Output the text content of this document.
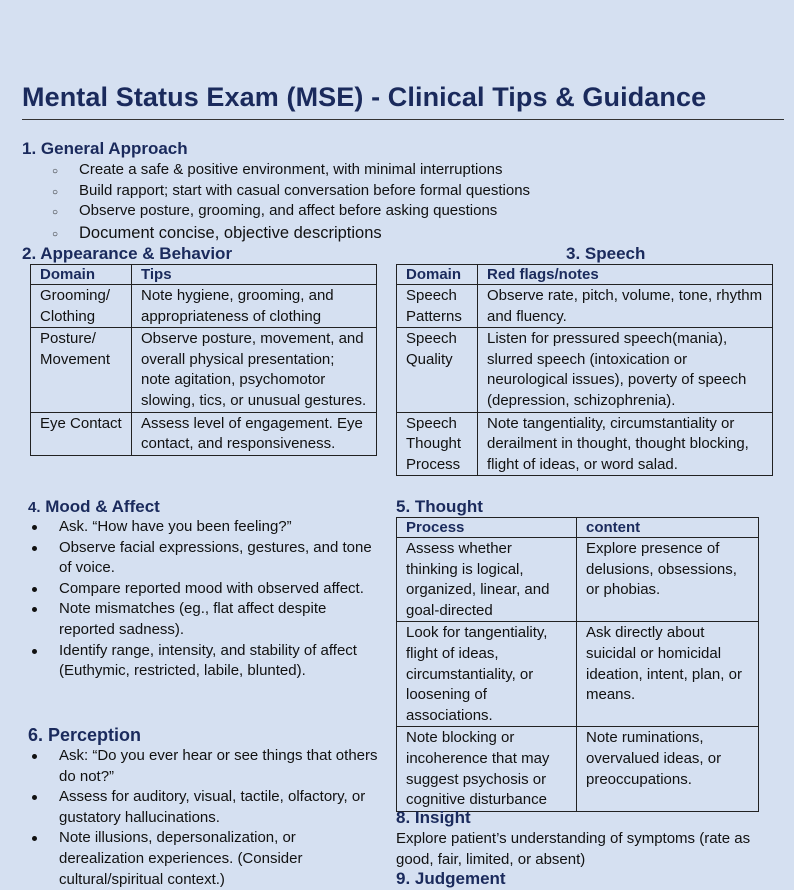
Mental Status Exam (MSE) - Clinical Tips & Guidance
1. General Approach
○ Create a safe & positive environment, with minimal interruptions
○ Build rapport; start with casual conversation before formal questions
○ Observe posture, grooming, and affect before asking questions
○ Document concise, objective descriptions
2. Appearance & Behavior
Domain	Tips
Grooming/ Clothing	Note hygiene, grooming, and appropriateness of clothing
Posture/ Movement	Observe posture, movement, and overall physical presentation; note agitation, psychomotor slowing, tics, or unusual gestures.
Eye Contact	Assess level of engagement. Eye contact, and responsiveness.
3. Speech
Domain	Red flags/notes
Speech Patterns	Observe rate, pitch, volume, tone, rhythm and fluency.
Speech Quality	Listen for pressured speech(mania), slurred speech (intoxication or neurological issues), poverty of speech (depression, schizophrenia).
Speech Thought Process	Note tangentiality, circumstantiality or derailment in thought, thought blocking, flight of ideas, or word salad.
4. Mood & Affect
Ask. “How have you been feeling?”
Observe facial expressions, gestures, and tone of voice.
Compare reported mood with observed affect.
Note mismatches (eg., flat affect despite reported sadness).
Identify range, intensity, and stability of affect (Euthymic, restricted, labile, blunted).
5. Thought
Process	content
Assess whether thinking is logical, organized, linear, and goal-directed	Explore presence of delusions, obsessions, or phobias.
Look for tangentiality, flight of ideas, circumstantiality, or loosening of associations.	Ask directly about suicidal or homicidal ideation, intent, plan, or means.
Note blocking or incoherence that may suggest psychosis or cognitive disturbance	Note ruminations, overvalued ideas, or preoccupations.
6. Perception
Ask: “Do you ever hear or see things that others do not?”
Assess for auditory, visual, tactile, olfactory, or gustatory hallucinations.
Note illusions, depersonalization, or derealization experiences. (Consider cultural/spiritual context.)
8. Insight
Explore patient’s understanding of symptoms (rate as good, fair, limited, or absent)
9. Judgement
